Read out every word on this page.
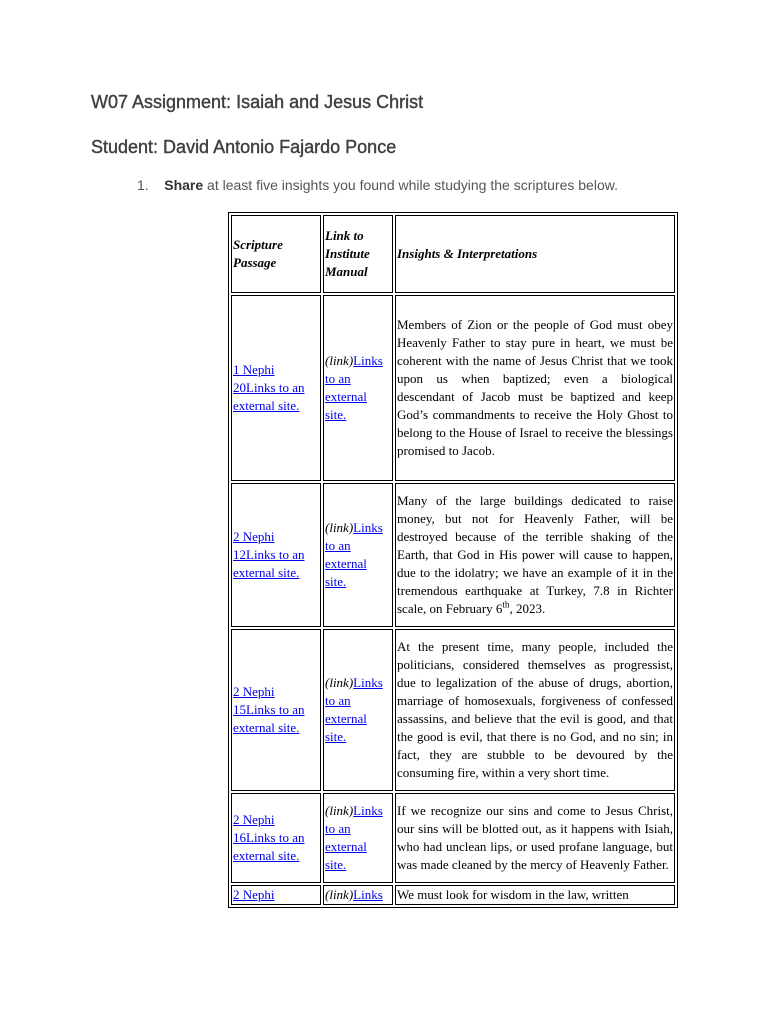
W07 Assignment: Isaiah and Jesus Christ
Student: David Antonio Fajardo Ponce
1. Share at least five insights you found while studying the scriptures below.
Scripture Passage	Link to Institute Manual	Insights & Interpretations
1 Nephi 20Links to an external site.	(link)Links to an external site.	Members of Zion or the people of God must obey Heavenly Father to stay pure in heart, we must be coherent with the name of Jesus Christ that we took upon us when baptized; even a biological descendant of Jacob must be baptized and keep God’s commandments to receive the Holy Ghost to belong to the House of Israel to receive the blessings promised to Jacob.
2 Nephi 12Links to an external site.	(link)Links to an external site.	Many of the large buildings dedicated to raise money, but not for Heavenly Father, will be destroyed because of the terrible shaking of the Earth, that God in His power will cause to happen, due to the idolatry; we have an example of it in the tremendous earthquake at Turkey, 7.8 in Richter scale, on February 6th, 2023.
2 Nephi 15Links to an external site.	(link)Links to an external site.	At the present time, many people, included the politicians, considered themselves as progressist, due to legalization of the abuse of drugs, abortion, marriage of homosexuals, forgiveness of confessed assassins, and believe that the evil is good, and that the good is evil, that there is no God, and no sin; in fact, they are stubble to be devoured by the consuming fire, within a very short time.
2 Nephi 16Links to an external site.	(link)Links to an external site.	If we recognize our sins and come to Jesus Christ, our sins will be blotted out, as it happens with Isiah, who had unclean lips, or used profane language, but was made cleaned by the mercy of Heavenly Father.
2 Nephi	(link)Links	We must look for wisdom in the law, written
